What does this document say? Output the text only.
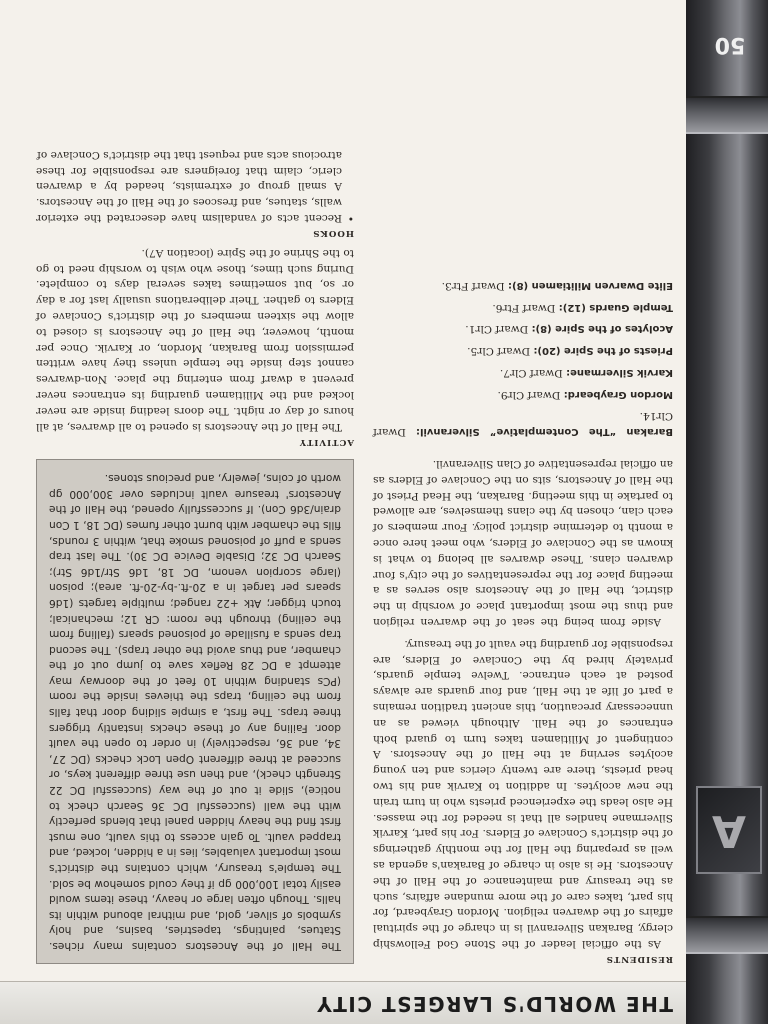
THE WORLD'S LARGEST CITY
A
50
RESIDENTS

As the official leader of the Stone God Fellowship clergy, Barakan Silveranvil is in charge of the spiritual affairs of the dwarven religion. Mordon Graybeard, for his part, takes care of the more mundane affairs, such as the treasury and maintenance of the Hall of the Ancestors. He is also in charge of Barakan's agenda as well as preparing the Hall for the monthly gatherings of the district's Conclave of Elders. For his part, Karvik Silvermane handles all that is needed for the masses. He also leads the experienced priests who in turn train the new acolytes. In addition to Karvik and his two head priests, there are twenty clerics and ten young acolytes serving at the Hall of the Ancestors. A contingent of Militiamen takes turn to guard both entrances of the Hall. Although viewed as an unnecessary precaution, this ancient tradition remains a part of life at the Hall, and four guards are always posted at each entrance. Twelve temple guards, privately hired by the Conclave of Elders, are responsible for guarding the vault of the treasury.

Aside from being the seat of the dwarven religion and thus the most important place of worship in the district, the Hall of the Ancestors also serves as a meeting place for the representatives of the city's four dwarven clans. These dwarves all belong to what is known as the Conclave of Elders, who meet here once a month to determine district policy. Four members of each clan, chosen by the clans themselves, are allowed to partake in this meeting. Barakan, the Head Priest of the Hall of Ancestors, sits on the Conclave of Elders as an official representative of Clan Silveranvil.

Barakan “The Contemplative” Silveranvil: Dwarf Clr14.

Mordon Graybeard: Dwarf Clr9.

Karvik Silvermane: Dwarf Clr7.

Priests of the Spire (20): Dwarf Clr5.

Acolytes of the Spire (8): Dwarf Clr1.

Temple Guards (12): Dwarf Ftr6.

Elite Dwarven Militiamen (8): Dwarf Ftr3.

The Hall of the Ancestors contains many riches. Statues, paintings, tapestries, basins, and holy symbols of silver, gold, and mithral abound within its halls. Though often large or heavy, these items would easily total 100,000 gp if they could somehow be sold. The temple's treasury, which contains the district's most important valuables, lies in a hidden, locked, and trapped vault. To gain access to this vault, one must first find the heavy hidden panel that blends perfectly with the wall (successful DC 36 Search check to notice), slide it out of the way (successful DC 22 Strength check), and then use three different keys, or succeed at three different Open Lock checks (DC 27, 34, and 36, respectively) in order to open the vault door. Failing any of these checks instantly triggers three traps. The first, a simple sliding door that falls from the ceiling, traps the thieves inside the room (PCs standing within 10 feet of the doorway may attempt a DC 28 Reflex save to jump out of the chamber, and thus avoid the other traps). The second trap sends a fusillade of poisoned spears (falling from the ceiling) through the room: CR 12; mechanical; touch trigger; Atk +22 ranged; multiple targets (1d6 spears per target in a 20-ft.-by-20-ft. area); poison (large scorpion venom, DC 18, 1d6 Str/1d6 Str); Search DC 32; Disable Device DC 30). The last trap sends a puff of poisoned smoke that, within 3 rounds, fills the chamber with burnt other fumes (DC 18, 1 Con drain/3d6 Con). If successfully opened, the Hall of the Ancestors' treasure vault includes over 300,000 gp worth of coins, jewelry, and precious stones.

ACTIVITY

The Hall of the Ancestors is opened to all dwarves, at all hours of day or night. The doors leading inside are never locked and the Militiamen guarding its entrances never prevent a dwarf from entering the place. Non-dwarves cannot step inside the temple unless they have written permission from Barakan, Mordon, or Karvik. Once per month, however, the Hall of the Ancestors is closed to allow the sixteen members of the district's Conclave of Elders to gather. Their deliberations usually last for a day or so, but sometimes takes several days to complete. During such times, those who wish to worship need to go to the Shrine of the Spire (location A7).

HOOKS

•
Recent acts of vandalism have desecrated the exterior walls, statues, and frescoes of the Hall of the Ancestors. A small group of extremists, headed by a dwarven cleric, claim that foreigners are responsible for these atrocious acts and request that the district's Conclave of
